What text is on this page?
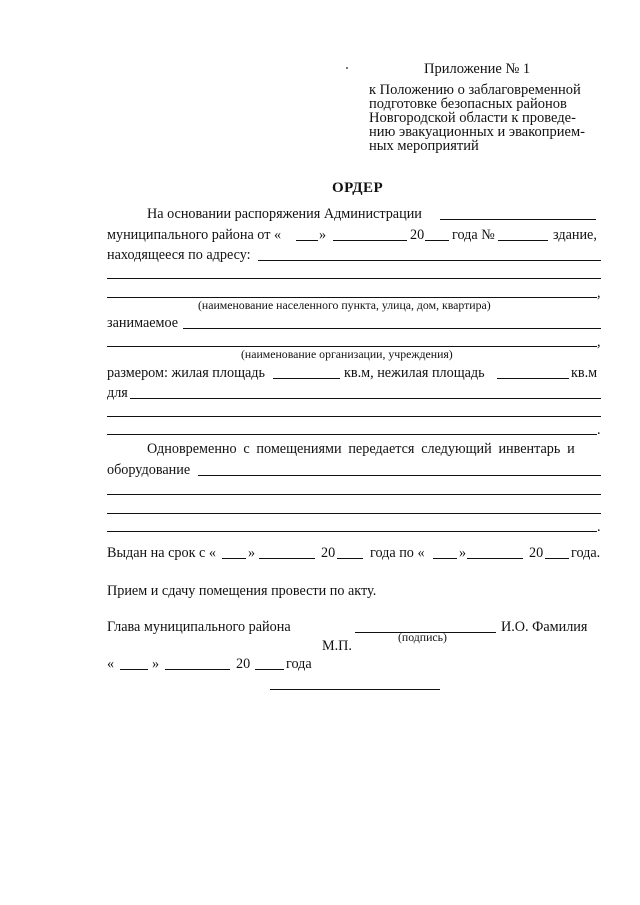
Приложение № 1
к Положению о заблаговременной
подготовке безопасных районов
Новгородской области к проведе-
нию эвакуационных и эвакоприем-
ных мероприятий
ОРДЕР
На основании распоряжения Администрации
муниципального района от «	»	20 года №	здание,
находящееся по адресу:
,
(наименование населенного пункта, улица, дом, квартира)
занимаемое
,
(наименование организации, учреждения)
размером: жилая площадь	кв.м, нежилая площадь	кв.м
для
.
Одновременно с помещениями передается следующий инвентарь и
оборудование
.
Выдан на срок с « »	20 года по « »	20 года.
Прием и сдачу помещения провести по акту.
Глава муниципального района	И.О. Фамилия
(подпись)
М.П.
«	»	20	года
